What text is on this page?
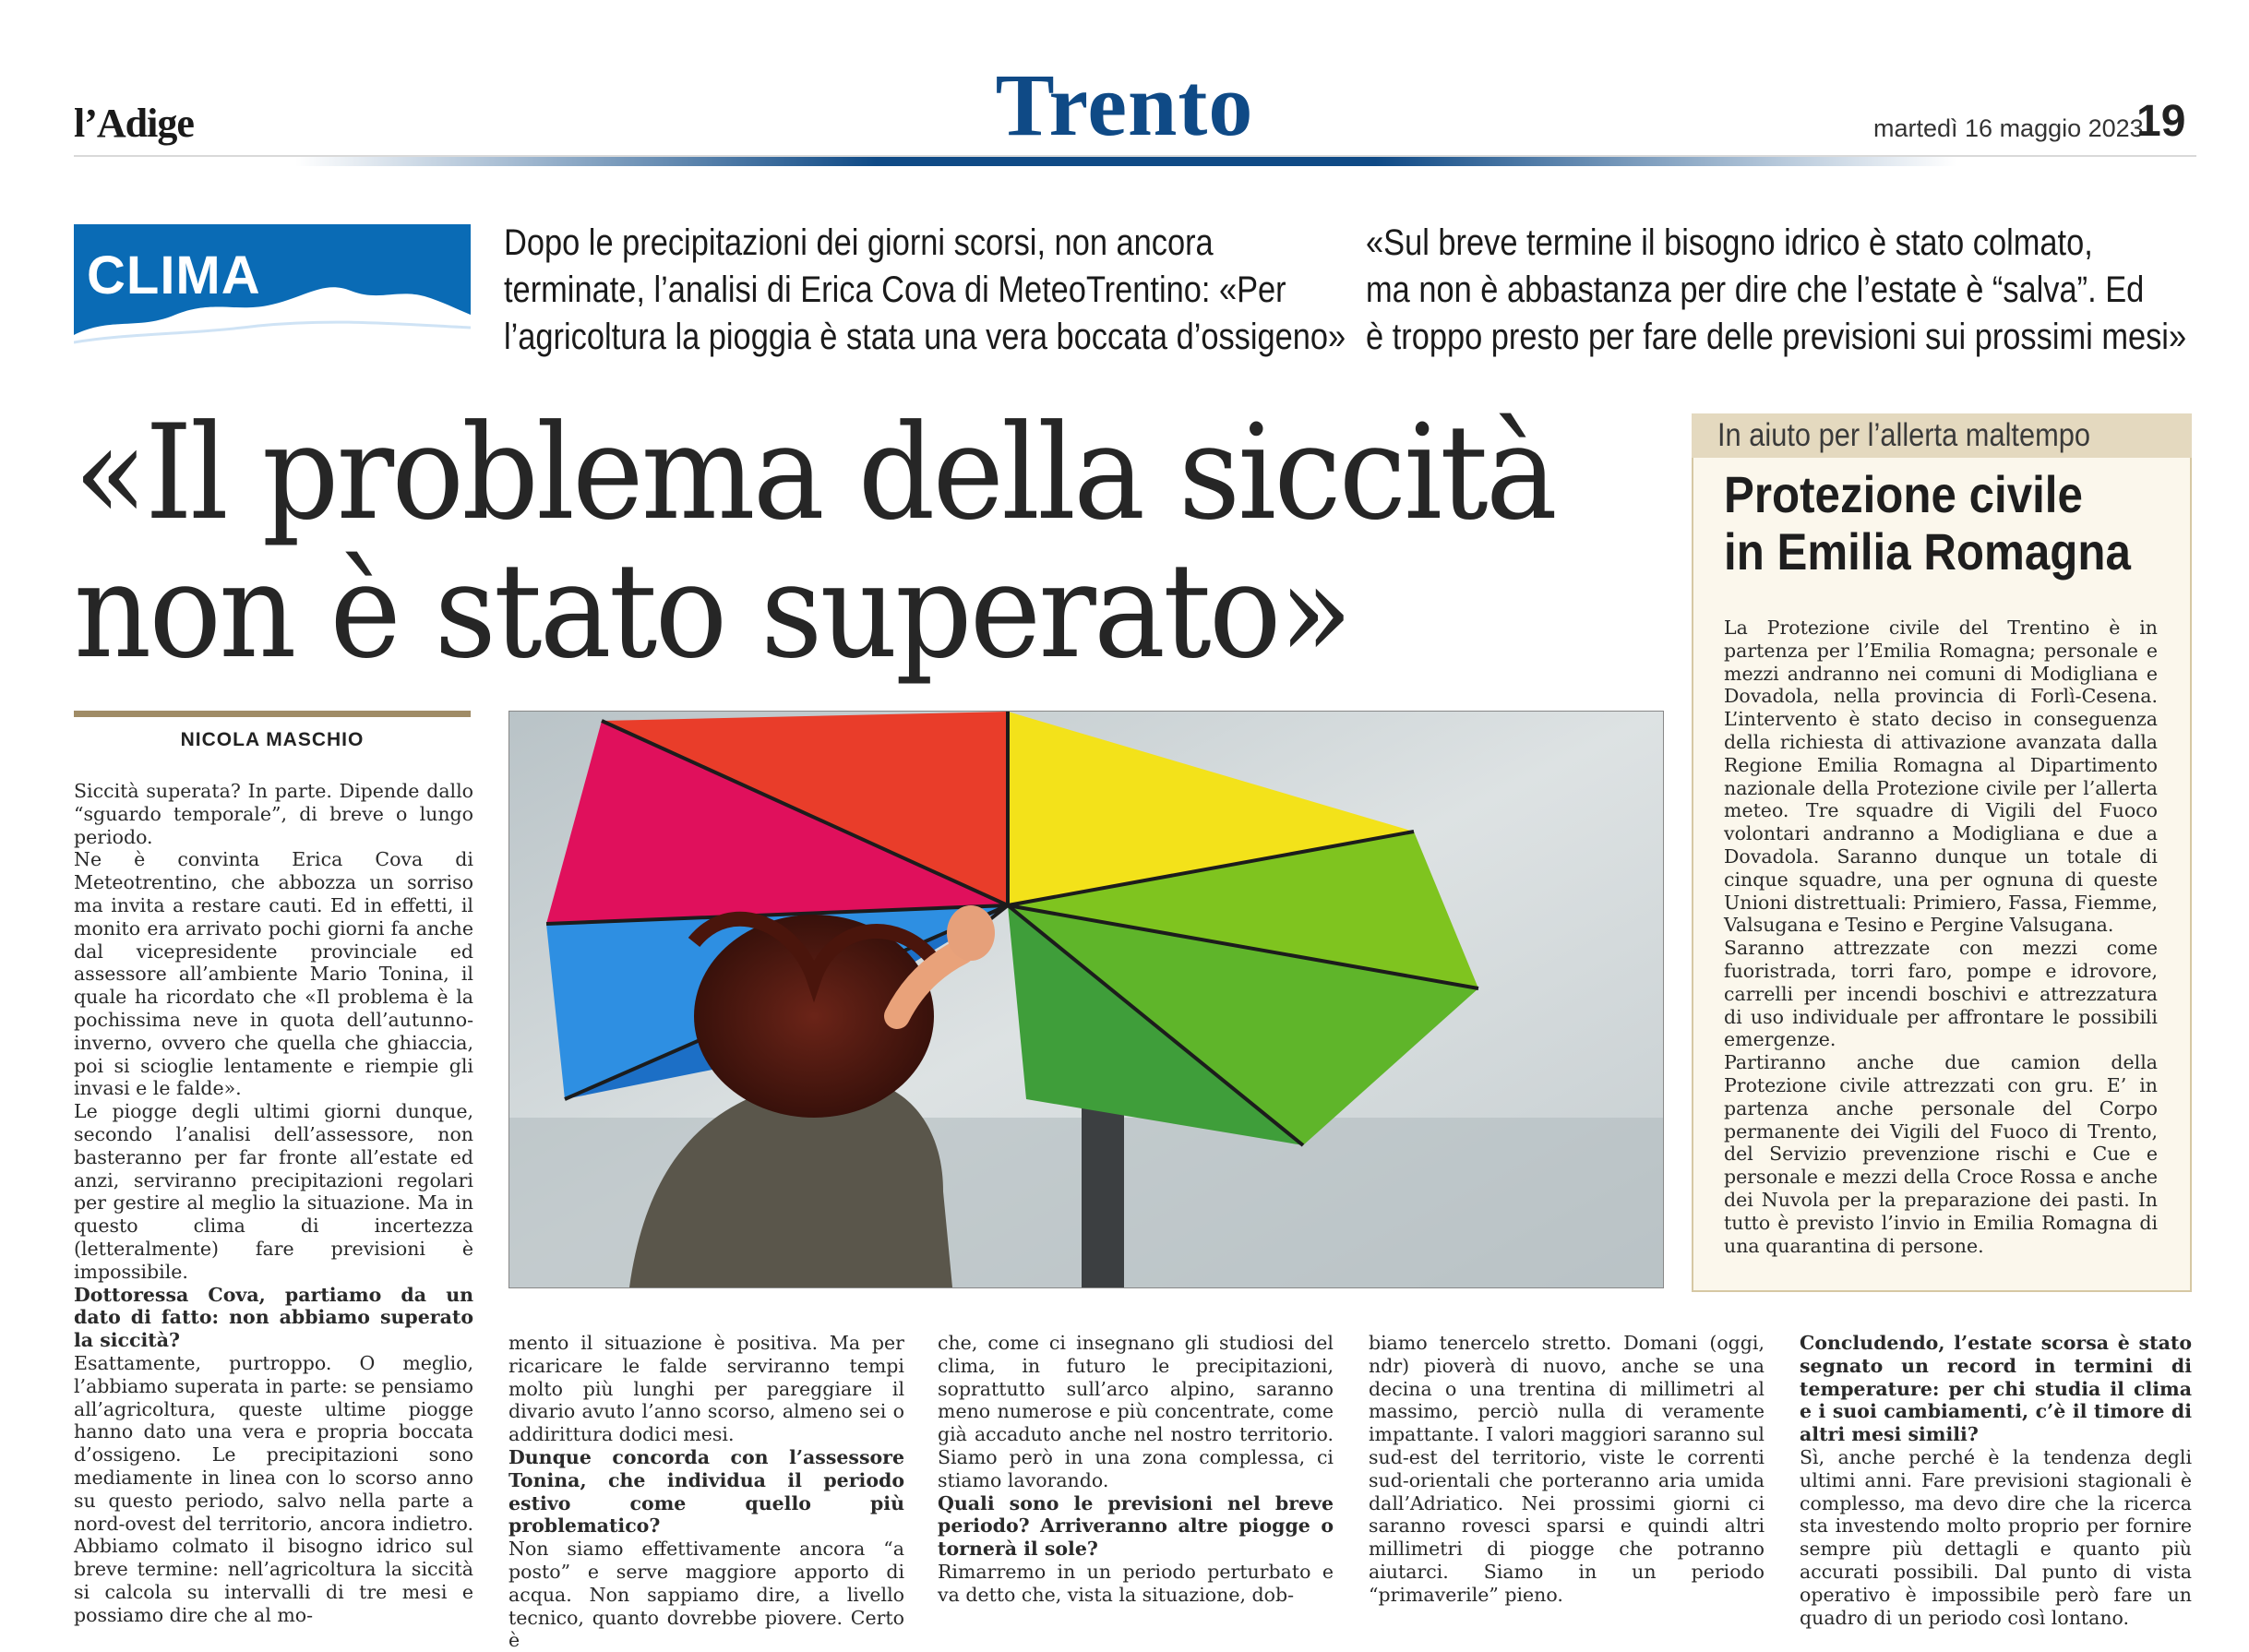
l’Adige	Trento	martedì 16 maggio 2023
19
CLIMA
Dopo le precipitazioni dei giorni scorsi, non ancora
terminate, l’analisi di Erica Cova di MeteoTrentino: «Per
l’agricoltura la pioggia è stata una vera boccata d’ossigeno»
«Sul breve termine il bisogno idrico è stato colmato,
ma non è abbastanza per dire che l’estate è “salva”. Ed
è troppo presto per fare delle previsioni sui prossimi mesi»
«Il problema della siccità
non è stato superato»
NICOLA MASCHIO
In aiuto per l’allerta maltempo
Protezione civile
in Emilia Romagna

La Protezione civile del Trentino è in partenza per l’Emilia Romagna; personale e mezzi andranno nei comuni di Modigliana e Dovadola, nella provincia di Forlì-Cesena. L’intervento è stato deciso in conseguenza della richiesta di attivazione avanzata dalla Regione Emilia Romagna al Dipartimento nazionale della Protezione civile per l’allerta meteo. Tre squadre di Vigili del Fuoco volontari andranno a Modigliana e due a Dovadola. Saranno dunque un totale di cinque squadre, una per ognuna di queste Unioni distrettuali: Primiero, Fassa, Fiemme, Valsugana e Tesino e Pergine Valsugana.

Saranno attrezzate con mezzi come fuoristrada, torri faro, pompe e idrovore, carrelli per incendi boschivi e attrezzatura di uso individuale per affrontare le possibili emergenze.

Partiranno anche due camion della Protezione civile attrezzati con gru. E’ in partenza anche personale del Corpo permanente dei Vigili del Fuoco di Trento, del Servizio prevenzione rischi e Cue e personale e mezzi della Croce Rossa e anche dei Nuvola per la preparazione dei pasti. In tutto è previsto l’invio in Emilia Romagna di una quarantina di persone.

Siccità superata? In parte. Dipende dallo “sguardo temporale”, di breve o lungo periodo.

Ne è convinta Erica Cova di Meteotrentino, che abbozza un sorriso ma invita a restare cauti. Ed in effetti, il monito era arrivato pochi giorni fa anche dal vicepresidente provinciale ed assessore all’ambiente Mario Tonina, il quale ha ricordato che «Il problema è la pochissima neve in quota dell’autunno-inverno, ovvero che quella che ghiaccia, poi si scioglie lentamente e riempie gli invasi e le falde».

Le piogge degli ultimi giorni dunque, secondo l’analisi dell’assessore, non basteranno per far fronte all’estate ed anzi, serviranno precipitazioni regolari per gestire al meglio la situazione. Ma in questo clima di incertezza (letteralmente) fare previsioni è impossibile.

Dottoressa Cova, partiamo da un dato di fatto: non abbiamo superato la siccità?

Esattamente, purtroppo. O meglio, l’abbiamo superata in parte: se pensiamo all’agricoltura, queste ultime piogge hanno dato una vera e propria boccata d’ossigeno. Le precipitazioni sono mediamente in linea con lo scorso anno su questo periodo, salvo nella parte a nord-ovest del territorio, ancora indietro. Abbiamo colmato il bisogno idrico sul breve termine: nell’agricoltura la siccità si calcola su intervalli di tre mesi e possiamo dire che al mo-

mento il situazione è positiva. Ma per ricaricare le falde serviranno tempi molto più lunghi per pareggiare il divario avuto l’anno scorso, almeno sei o addirittura dodici mesi.

Dunque concorda con l’assessore Tonina, che individua il periodo estivo come quello più problematico?

Non siamo effettivamente ancora “a posto” e serve maggiore apporto di acqua. Non sappiamo dire, a livello tecnico, quanto dovrebbe piovere. Certo è

che, come ci insegnano gli studiosi del clima, in futuro le precipitazioni, soprattutto sull’arco alpino, saranno meno numerose e più concentrate, come già accaduto anche nel nostro territorio. Siamo però in una zona complessa, ci stiamo lavorando.

Quali sono le previsioni nel breve periodo? Arriveranno altre piogge o tornerà il sole?

Rimarremo in un periodo perturbato e va detto che, vista la situazione, dob-

biamo tenercelo stretto. Domani (oggi, ndr) pioverà di nuovo, anche se una decina o una trentina di millimetri al massimo, perciò nulla di veramente impattante. I valori maggiori saranno sul sud-est del territorio, viste le correnti sud-orientali che porteranno aria umida dall’Adriatico. Nei prossimi giorni ci saranno rovesci sparsi e quindi altri millimetri di piogge che potranno aiutarci. Siamo in un periodo “primaverile” pieno.

Concludendo, l’estate scorsa è stato segnato un record in termini di temperature: per chi studia il clima e i suoi cambiamenti, c’è il timore di altri mesi simili?

Sì, anche perché è la tendenza degli ultimi anni. Fare previsioni stagionali è complesso, ma devo dire che la ricerca sta investendo molto proprio per fornire sempre più dettagli e quanto più accurati possibili. Dal punto di vista operativo è impossibile però fare un quadro di un periodo così lontano.
